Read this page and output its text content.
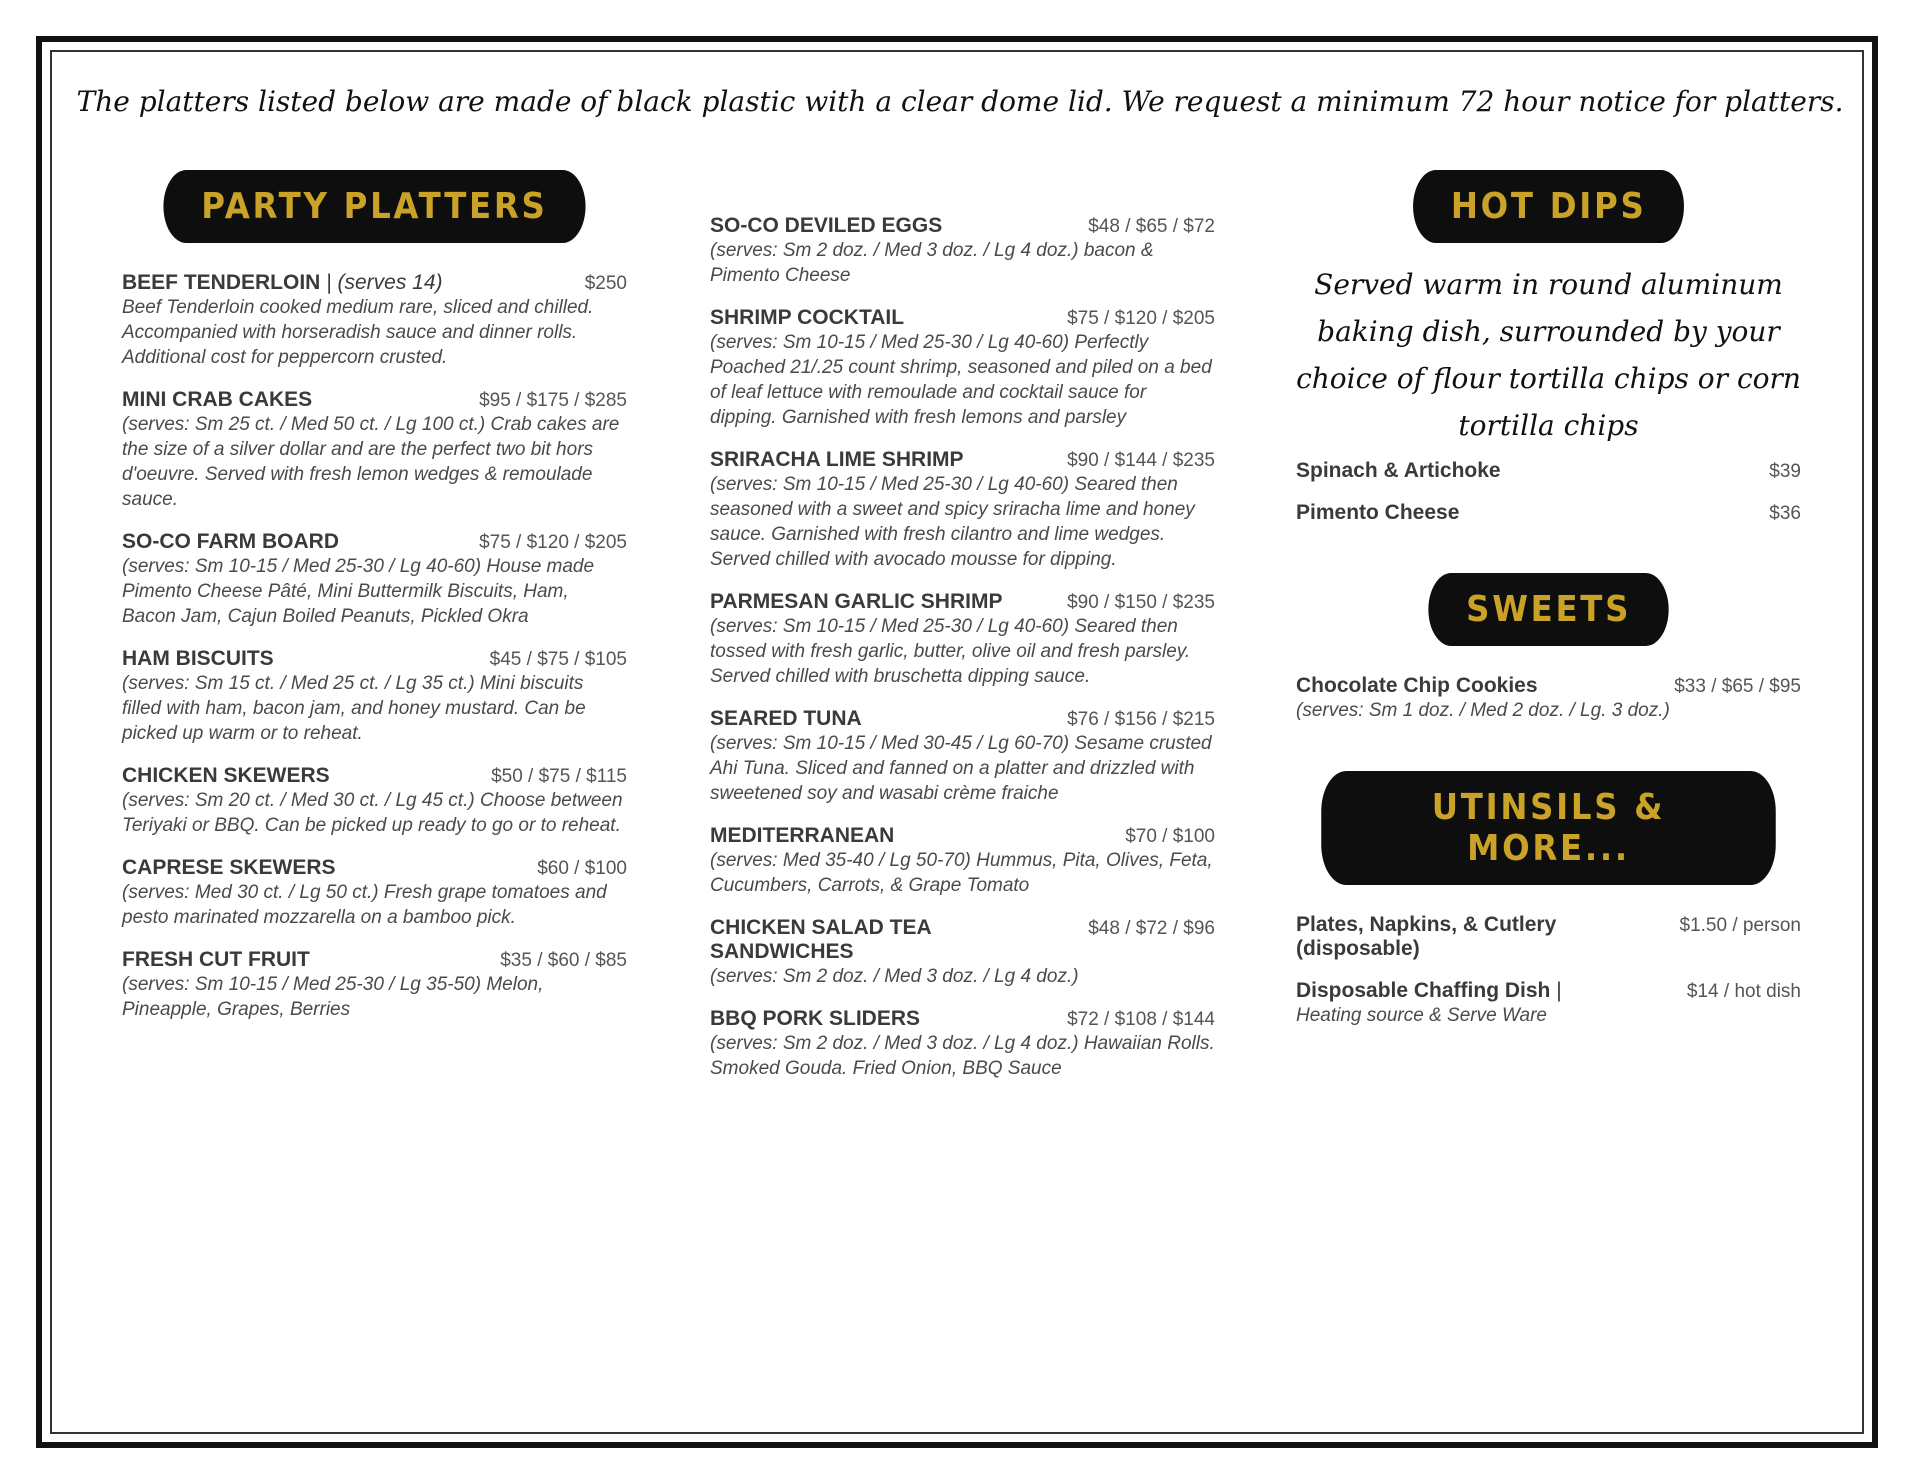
The platters listed below are made of black plastic with a clear dome lid. We request a minimum 72 hour notice for platters.
PARTY PLATTERS
BEEF TENDERLOIN | (serves 14)	$250
Beef Tenderloin cooked medium rare, sliced and chilled. Accompanied with horseradish sauce and dinner rolls. Additional cost for peppercorn crusted.
MINI CRAB CAKES	$95 / $175 / $285
(serves: Sm 25 ct. / Med 50 ct. / Lg 100 ct.) Crab cakes are the size of a silver dollar and are the perfect two bit hors d'oeuvre. Served with fresh lemon wedges & remoulade sauce.
SO-CO FARM BOARD	$75 / $120 / $205
(serves: Sm 10-15 / Med 25-30 / Lg 40-60) House made Pimento Cheese Pâté, Mini Buttermilk Biscuits, Ham, Bacon Jam, Cajun Boiled Peanuts, Pickled Okra
HAM BISCUITS	$45 / $75 / $105
(serves: Sm 15 ct. / Med 25 ct. / Lg 35 ct.) Mini biscuits filled with ham, bacon jam, and honey mustard. Can be picked up warm or to reheat.
CHICKEN SKEWERS	$50 / $75 / $115
(serves: Sm 20 ct. / Med 30 ct. / Lg 45 ct.) Choose between Teriyaki or BBQ. Can be picked up ready to go or to reheat.
CAPRESE SKEWERS	$60 / $100
(serves: Med 30 ct. / Lg 50 ct.) Fresh grape tomatoes and pesto marinated mozzarella on a bamboo pick.
FRESH CUT FRUIT	$35 / $60 / $85
(serves: Sm 10-15 / Med 25-30 / Lg 35-50) Melon, Pineapple, Grapes, Berries
SO-CO DEVILED EGGS	$48 / $65 / $72
(serves: Sm 2 doz. / Med 3 doz. / Lg 4 doz.) bacon & Pimento Cheese
SHRIMP COCKTAIL	$75 / $120 / $205
(serves: Sm 10-15 / Med 25-30 / Lg 40-60) Perfectly Poached 21/.25 count shrimp, seasoned and piled on a bed of leaf lettuce with remoulade and cocktail sauce for dipping. Garnished with fresh lemons and parsley
SRIRACHA LIME SHRIMP	$90 / $144 / $235
(serves: Sm 10-15 / Med 25-30 / Lg 40-60) Seared then seasoned with a sweet and spicy sriracha lime and honey sauce. Garnished with fresh cilantro and lime wedges. Served chilled with avocado mousse for dipping.
PARMESAN GARLIC SHRIMP	$90 / $150 / $235
(serves: Sm 10-15 / Med 25-30 / Lg 40-60) Seared then tossed with fresh garlic, butter, olive oil and fresh parsley. Served chilled with bruschetta dipping sauce.
SEARED TUNA	$76 / $156 / $215
(serves: Sm 10-15 / Med 30-45 / Lg 60-70) Sesame crusted Ahi Tuna. Sliced and fanned on a platter and drizzled with sweetened soy and wasabi crème fraiche
MEDITERRANEAN	$70 / $100
(serves: Med 35-40 / Lg 50-70) Hummus, Pita, Olives, Feta, Cucumbers, Carrots, & Grape Tomato
CHICKEN SALAD TEA SANDWICHES
$48 / $72 / $96
(serves: Sm 2 doz. / Med 3 doz. / Lg 4 doz.)
BBQ PORK SLIDERS	$72 / $108 / $144
(serves: Sm 2 doz. / Med 3 doz. / Lg 4 doz.) Hawaiian Rolls. Smoked Gouda. Fried Onion, BBQ Sauce
HOT DIPS
Served warm in round aluminum baking dish, surrounded by your choice of flour tortilla chips or corn tortilla chips
Spinach & Artichoke	$39
Pimento Cheese	$36
SWEETS
Chocolate Chip Cookies	$33 / $65 / $95
(serves: Sm 1 doz. / Med 2 doz. / Lg. 3 doz.)
UTINSILS & MORE...
Plates, Napkins, & Cutlery (disposable)
$1.50 / person
Disposable Chaffing Dish |	$14 / hot dish
Heating source & Serve Ware
